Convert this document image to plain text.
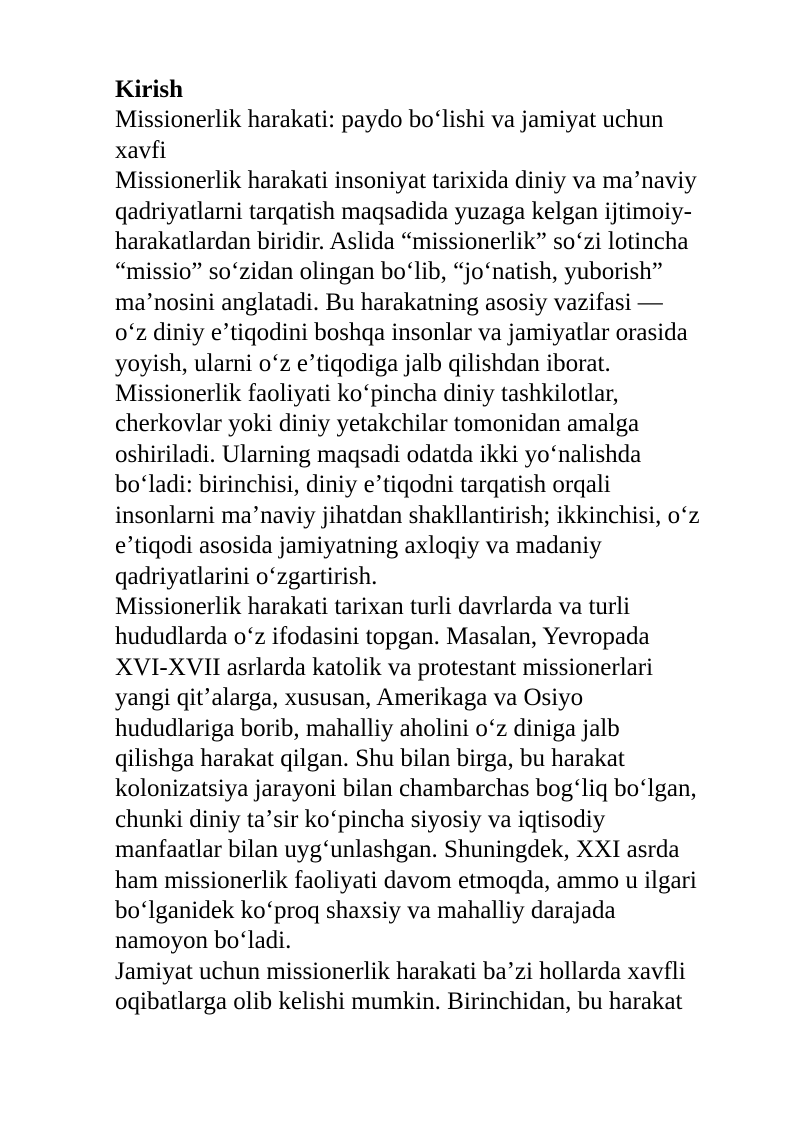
Kirish

Missionerlik harakati: paydo boʻlishi va jamiyat uchun

xavfi

Missionerlik harakati insoniyat tarixida diniy va maʼnaviy

qadriyatlarni tarqatish maqsadida yuzaga kelgan ijtimoiy-

harakatlardan biridir. Aslida “missionerlik” soʻzi lotincha

“missio” soʻzidan olingan boʻlib, “joʻnatish, yuborish”

maʼnosini anglatadi. Bu harakatning asosiy vazifasi —

oʻz diniy eʼtiqodini boshqa insonlar va jamiyatlar orasida

yoyish, ularni oʻz eʼtiqodiga jalb qilishdan iborat.

Missionerlik faoliyati koʻpincha diniy tashkilotlar,

cherkovlar yoki diniy yetakchilar tomonidan amalga

oshiriladi. Ularning maqsadi odatda ikki yoʻnalishda

boʻladi: birinchisi, diniy eʼtiqodni tarqatish orqali

insonlarni maʼnaviy jihatdan shakllantirish; ikkinchisi, oʻz

eʼtiqodi asosida jamiyatning axloqiy va madaniy

qadriyatlarini oʻzgartirish.

Missionerlik harakati tarixan turli davrlarda va turli

hududlarda oʻz ifodasini topgan. Masalan, Yevropada

XVI-XVII asrlarda katolik va protestant missionerlari

yangi qitʼalarga, xususan, Amerikaga va Osiyo

hududlariga borib, mahalliy aholini oʻz diniga jalb

qilishga harakat qilgan. Shu bilan birga, bu harakat

kolonizatsiya jarayoni bilan chambarchas bogʻliq boʻlgan,

chunki diniy taʼsir koʻpincha siyosiy va iqtisodiy

manfaatlar bilan uygʻunlashgan. Shuningdek, XXI asrda

ham missionerlik faoliyati davom etmoqda, ammo u ilgari

boʻlganidek koʻproq shaxsiy va mahalliy darajada

namoyon boʻladi.

Jamiyat uchun missionerlik harakati baʼzi hollarda xavfli

oqibatlarga olib kelishi mumkin. Birinchidan, bu harakat
